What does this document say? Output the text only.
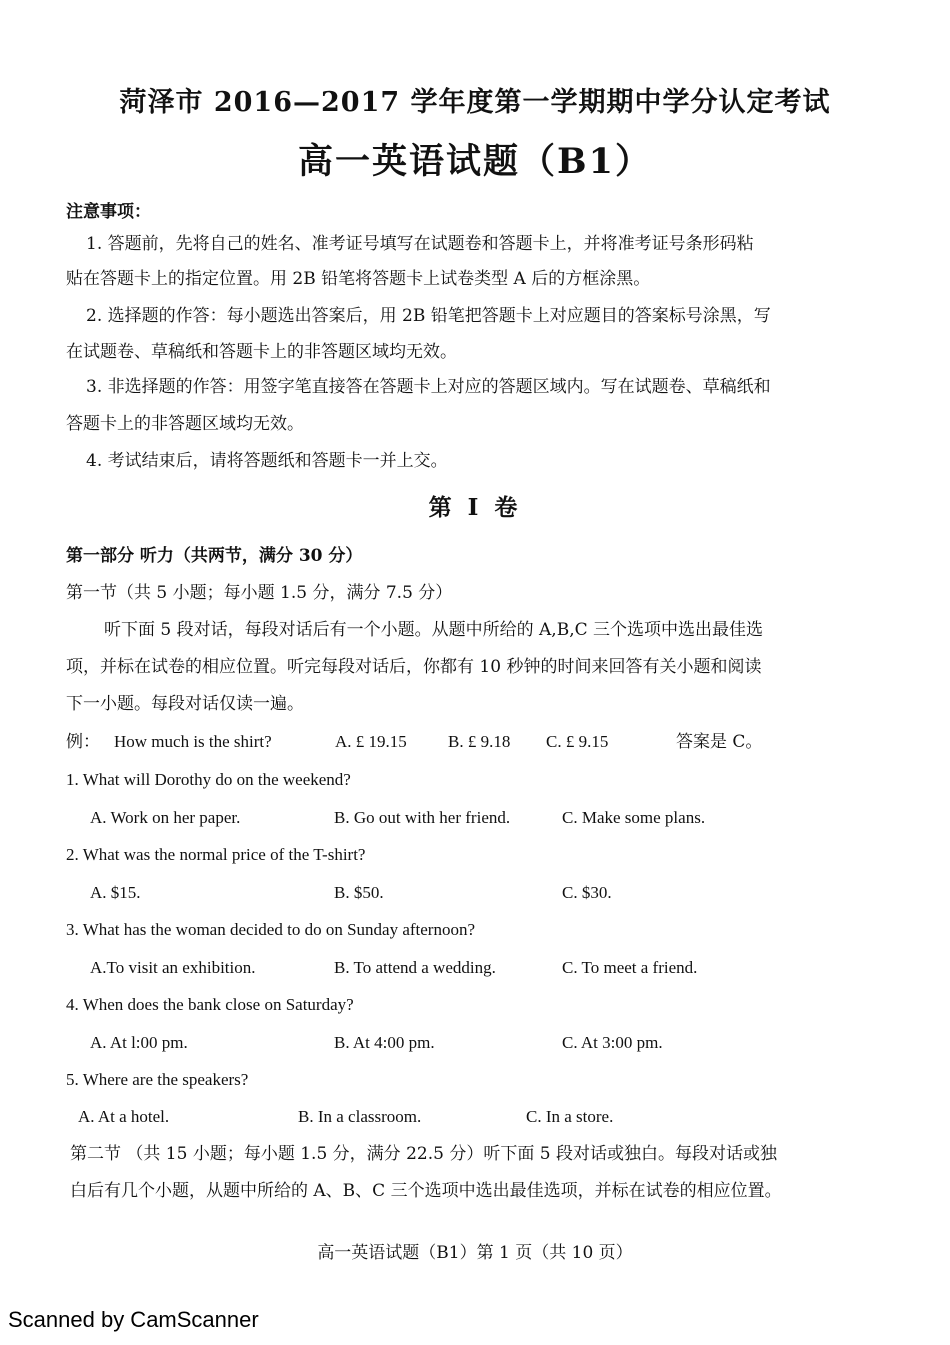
菏泽市 2016—2017 学年度第一学期期中学分认定考试
高一英语试题（B1）
注意事项：
1. 答题前，先将自己的姓名、准考证号填写在试题卷和答题卡上，并将准考证号条形码粘
贴在答题卡上的指定位置。用 2B 铅笔将答题卡上试卷类型 A 后的方框涂黑。
2. 选择题的作答：每小题选出答案后，用 2B 铅笔把答题卡上对应题目的答案标号涂黑，写
在试题卷、草稿纸和答题卡上的非答题区域均无效。
3. 非选择题的作答：用签字笔直接答在答题卡上对应的答题区域内。写在试题卷、草稿纸和
答题卡上的非答题区域均无效。
4. 考试结束后，请将答题纸和答题卡一并上交。
第 I 卷
第一部分 听力（共两节，满分 30 分）
第一节（共 5 小题；每小题 1.5 分，满分 7.5 分）
听下面 5 段对话，每段对话后有一个小题。从题中所给的 A,B,C 三个选项中选出最佳选
项，并标在试卷的相应位置。听完每段对话后，你都有 10 秒钟的时间来回答有关小题和阅读
下一小题。每段对话仅读一遍。
例： How much is the shirt?	A. £ 19.15 B. £ 9.18 C. £ 9.15	答案是 C。
1. What will Dorothy do on the weekend?
A. Work on her paper.	B. Go out with her friend.	C. Make some plans.
2. What was the normal price of the T-shirt?
A. $15.	B. $50.	C. $30.
3. What has the woman decided to do on Sunday afternoon?
A.To visit an exhibition.	B. To attend a wedding.	C. To meet a friend.
4. When does the bank close on Saturday?
A. At l:00 pm.	B. At 4:00 pm.	C. At 3:00 pm.
5. Where are the speakers?
A. At a hotel.	B. In a classroom.	C. In a store.
第二节 （共 15 小题；每小题 1.5 分，满分 22.5 分）听下面 5 段对话或独白。每段对话或独
白后有几个小题，从题中所给的 A、B、C 三个选项中选出最佳选项，并标在试卷的相应位置。
高一英语试题（B1）第 1 页（共 10 页）
Scanned by CamScanner
